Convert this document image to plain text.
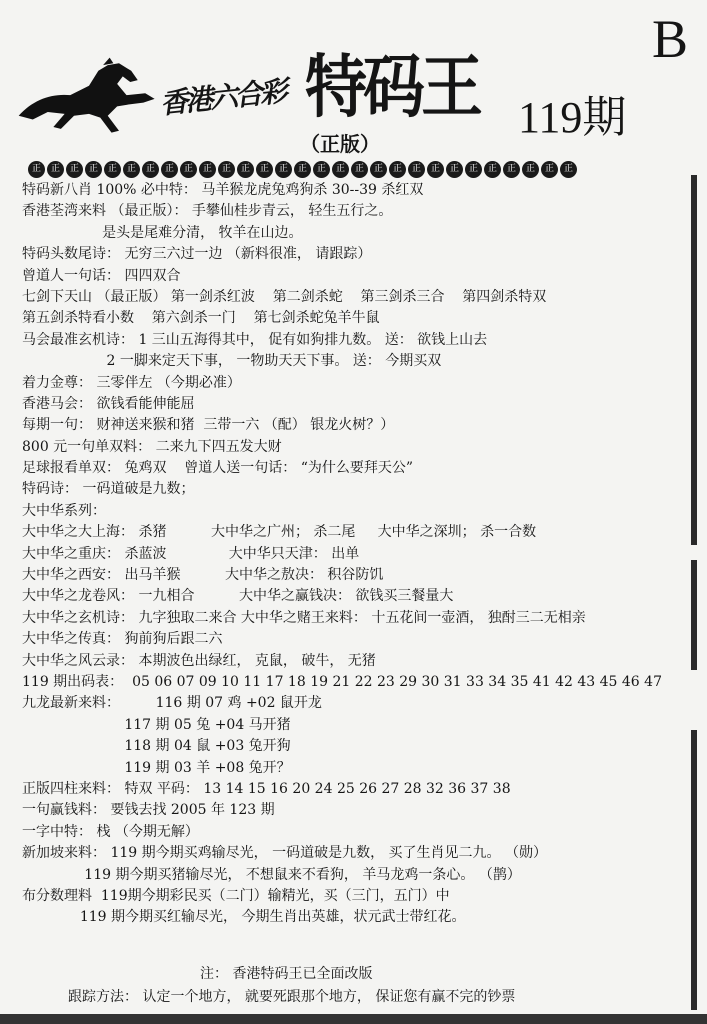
香港六合彩 特码王 119期
B
（正版）
正	正	正	正	正	正	正	正	正	正	正	正	正	正	正	正	正	正	正	正	正	正	正	正	正	正	正	正	正
特码新八肖 100% 必中特： 马羊猴龙虎兔鸡狗杀 30--39 杀红双
香港荃湾来料 （最正版）： 手攀仙桂步青云， 轻生五行之。
是头是尾难分清， 牧羊在山边。
特码头数尾诗： 无穷三六过一边 （新料很准， 请跟踪）
曾道人一句话： 四四双合
七剑下天山 （最正版） 第一剑杀红波    第二剑杀蛇    第三剑杀三合    第四剑杀特双
第五剑杀特看小数    第六剑杀一门    第七剑杀蛇兔羊牛鼠
马会最准玄机诗： 1 三山五海得其中， 促有如狗排九数。 送： 欲钱上山去
2 一脚来定天下事， 一物助天天下事。 送： 今期买双
着力金尊： 三零伴左 （今期必准）
香港马会： 欲钱看能伸能屈
每期一句： 财神送来猴和猪  三带一六 （配） 银龙火树？）
800 元一句单双料： 二来九下四五发大财
足球报看单双： 兔鸡双    曾道人送一句话： “为什么要拜天公”
特码诗： 一码道破是九数；
大中华系列：
大中华之大上海： 杀猪          大中华之广州； 杀二尾     大中华之深圳； 杀一合数
大中华之重庆： 杀蓝波              大中华只天津： 出单
大中华之西安： 出马羊猴          大中华之敖决： 积谷防饥
大中华之龙卷风： 一九相合          大中华之赢钱决： 欲钱买三餐量大
大中华之玄机诗： 九字独取二来合 大中华之赌王来料： 十五花间一壶酒， 独酎三二无相亲
大中华之传真： 狗前狗后跟二六
大中华之风云录： 本期波色出绿红， 克鼠， 破牛， 无猪
119 期出码表：  05 06 07 09 10 11 17 18 19 21 22 23 29 30 31 33 34 35 41 42 43 45 46 47
九龙最新来料：        116 期 07 鸡 +02 鼠开龙
117 期 05 兔 +04 马开猪
118 期 04 鼠 +03 兔开狗
119 期 03 羊 +08 兔开？
正版四柱来料： 特双 平码： 13 14 15 16 20 24 25 26 27 28 32 36 37 38
一句赢钱料： 要钱去找 2005 年 123 期
一字中特： 栈 （今期无解）
新加坡来料： 119 期今期买鸡输尽光， 一码道破是九数， 买了生肖见二九。 （勋）
119 期今期买猪输尽光， 不想鼠来不看狗， 羊马龙鸡一条心。 （鹊）
布分数理料  119期今期彩民买（二门）输精光，买（三门，五门）中
119 期今期买红输尽光， 今期生肖出英雄，状元武士带红花。
注： 香港特码王已全面改版
跟踪方法： 认定一个地方， 就要死跟那个地方， 保证您有赢不完的钞票
